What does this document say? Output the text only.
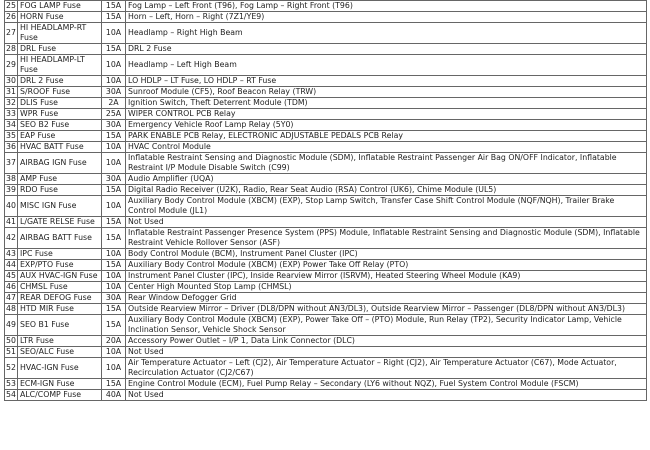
25	FOG LAMP Fuse	15A	Fog Lamp – Left Front (T96), Fog Lamp – Right Front (T96)
26	HORN Fuse	15A	Horn – Left, Horn – Right (7Z1/YE9)
27	HI HEADLAMP-RT Fuse	10A	Headlamp – Right High Beam
28	DRL Fuse	15A	DRL 2 Fuse
29	HI HEADLAMP-LT Fuse	10A	Headlamp – Left High Beam
30	DRL 2 Fuse	10A	LO HDLP – LT Fuse, LO HDLP – RT Fuse
31	S/ROOF Fuse	30A	Sunroof Module (CF5), Roof Beacon Relay (TRW)
32	DLIS Fuse	2A	Ignition Switch, Theft Deterrent Module (TDM)
33	WPR Fuse	25A	WIPER CONTROL PCB Relay
34	SEO B2 Fuse	30A	Emergency Vehicle Roof Lamp Relay (5Y0)
35	EAP Fuse	15A	PARK ENABLE PCB Relay, ELECTRONIC ADJUSTABLE PEDALS PCB Relay
36	HVAC BATT Fuse	10A	HVAC Control Module
37	AIRBAG IGN Fuse	10A	Inflatable Restraint Sensing and Diagnostic Module (SDM), Inflatable Restraint Passenger Air Bag ON/OFF Indicator, Inflatable Restraint I/P Module Disable Switch (C99)
38	AMP Fuse	30A	Audio Amplifier (UQA)
39	RDO Fuse	15A	Digital Radio Receiver (U2K), Radio, Rear Seat Audio (RSA) Control (UK6), Chime Module (UL5)
40	MISC IGN Fuse	10A	Auxiliary Body Control Module (XBCM) (EXP), Stop Lamp Switch, Transfer Case Shift Control Module (NQF/NQH), Trailer Brake Control Module (JL1)
41	L/GATE RELSE Fuse	15A	Not Used
42	AIRBAG BATT Fuse	15A	Inflatable Restraint Passenger Presence System (PPS) Module, Inflatable Restraint Sensing and Diagnostic Module (SDM), Inflatable Restraint Vehicle Rollover Sensor (ASF)
43	IPC Fuse	10A	Body Control Module (BCM), Instrument Panel Cluster (IPC)
44	EXP/PTO Fuse	15A	Auxiliary Body Control Module (XBCM) (EXP) Power Take Off Relay (PTO)
45	AUX HVAC-IGN Fuse	10A	Instrument Panel Cluster (IPC), Inside Rearview Mirror (ISRVM), Heated Steering Wheel Module (KA9)
46	CHMSL Fuse	10A	Center High Mounted Stop Lamp (CHMSL)
47	REAR DEFOG Fuse	30A	Rear Window Defogger Grid
48	HTD MIR Fuse	15A	Outside Rearview Mirror – Driver (DL8/DPN without AN3/DL3), Outside Rearview Mirror – Passenger (DL8/DPN without AN3/DL3)
49	SEO B1 Fuse	15A	Auxiliary Body Control Module (XBCM) (EXP), Power Take Off – (PTO) Module, Run Relay (TP2), Security Indicator Lamp, Vehicle Inclination Sensor, Vehicle Shock Sensor
50	LTR Fuse	20A	Accessory Power Outlet – I/P 1, Data Link Connector (DLC)
51	SEO/ALC Fuse	10A	Not Used
52	HVAC-IGN Fuse	10A	Air Temperature Actuator – Left (CJ2), Air Temperature Actuator – Right (CJ2), Air Temperature Actuator (C67), Mode Actuator, Recirculation Actuator (CJ2/C67)
53	ECM-IGN Fuse	15A	Engine Control Module (ECM), Fuel Pump Relay – Secondary (LY6 without NQZ), Fuel System Control Module (FSCM)
54	ALC/COMP Fuse	40A	Not Used
